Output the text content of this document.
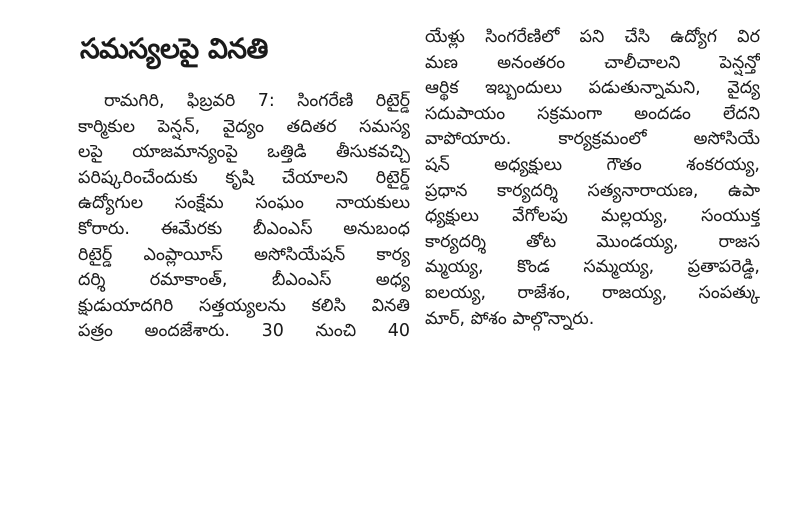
సమస్యలపై వినతి
రామగిరి, ఫిబ్రవరి 7: సింగరేణి రిటైర్డ్
కార్మికుల పెన్షన్, వైద్యం తదితర సమస్య
లపై యాజమాన్యంపై ఒత్తిడి తీసుకవచ్చి
పరిష్కరించేందుకు కృషి చేయాలని రిటైర్డ్
ఉద్యోగుల సంక్షేమ సంఘం నాయకులు
కోరారు. ఈమేరకు బీఎంఎస్ అనుబంధ
రిటైర్డ్ ఎంప్లాయీస్ అసోసియేషన్ కార్య
దర్శి రమాకాంత్, బీఎంఎస్ అధ్య
క్షుడుయాదగిరి సత్తయ్యలను కలిసి వినతి
పత్రం అందజేశారు. 30 నుంచి 40
యేళ్లు సింగరేణిలో పని చేసి ఉద్యోగ విర
మణ అనంతరం చాలీచాలని పెన్షన్తో
ఆర్థిక ఇబ్బందులు పడుతున్నామని, వైద్య
సదుపాయం సక్రమంగా అందడం లేదని
వాపోయారు. కార్యక్రమంలో అసోసియే
షన్ అధ్యక్షులు గౌతం శంకరయ్య,
ప్రధాన కార్యదర్శి సత్యనారాయణ, ఉపా
ధ్యక్షులు వేగోలపు మల్లయ్య, సంయుక్త
కార్యదర్శి తోట మొండయ్య, రాజస
మ్మయ్య, కొండ సమ్మయ్య, ప్రతాపరెడ్డి,
ఐలయ్య, రాజేశం, రాజయ్య, సంపత్కు
మార్, పోశం పాల్గొన్నారు.
